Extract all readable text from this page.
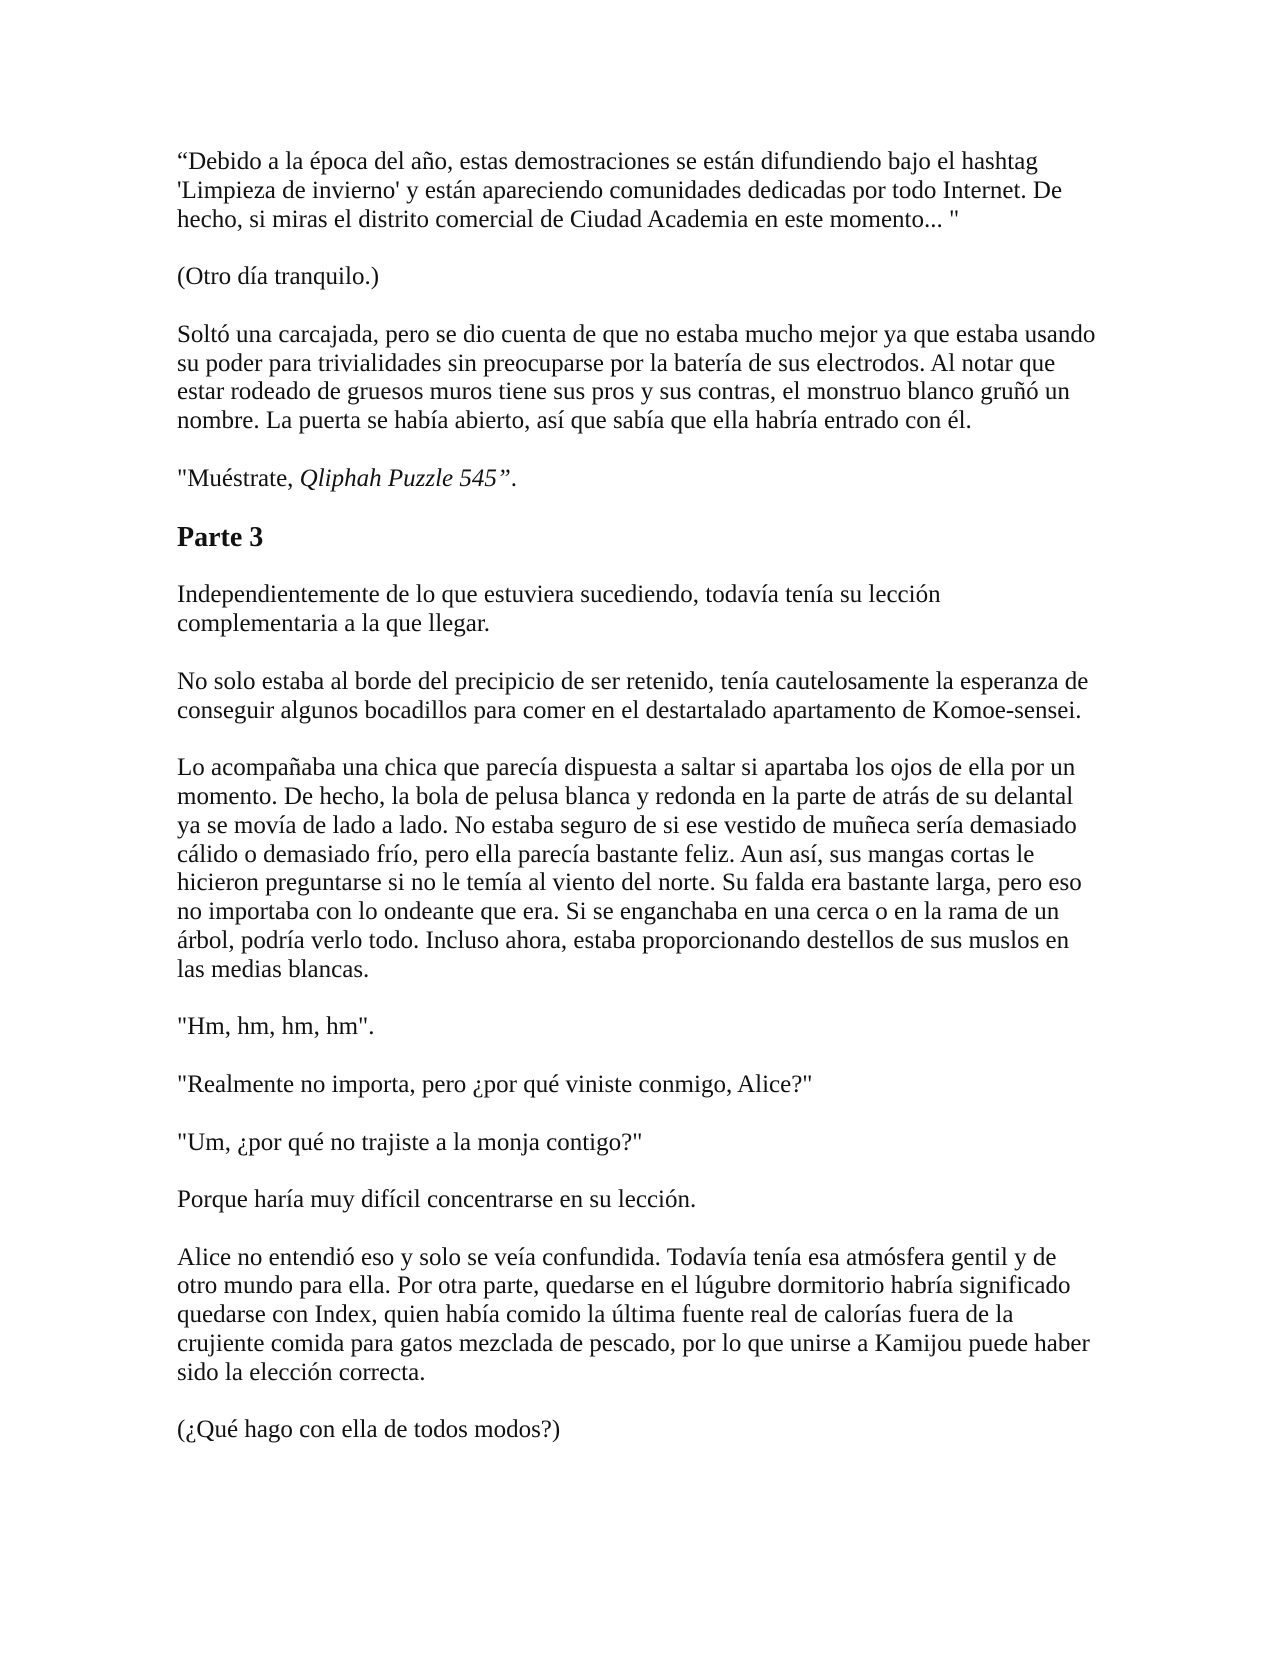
“Debido a la época del año, estas demostraciones se están difundiendo bajo el hashtag
'Limpieza de invierno' y están apareciendo comunidades dedicadas por todo Internet. De
hecho, si miras el distrito comercial de Ciudad Academia en este momento... "

(Otro día tranquilo.)

Soltó una carcajada, pero se dio cuenta de que no estaba mucho mejor ya que estaba usando
su poder para trivialidades sin preocuparse por la batería de sus electrodos. Al notar que
estar rodeado de gruesos muros tiene sus pros y sus contras, el monstruo blanco gruñó un
nombre. La puerta se había abierto, así que sabía que ella habría entrado con él.

"Muéstrate, Qliphah Puzzle 545”.

Parte 3

Independientemente de lo que estuviera sucediendo, todavía tenía su lección
complementaria a la que llegar.

No solo estaba al borde del precipicio de ser retenido, tenía cautelosamente la esperanza de
conseguir algunos bocadillos para comer en el destartalado apartamento de Komoe-sensei.

Lo acompañaba una chica que parecía dispuesta a saltar si apartaba los ojos de ella por un
momento. De hecho, la bola de pelusa blanca y redonda en la parte de atrás de su delantal
ya se movía de lado a lado. No estaba seguro de si ese vestido de muñeca sería demasiado
cálido o demasiado frío, pero ella parecía bastante feliz. Aun así, sus mangas cortas le
hicieron preguntarse si no le temía al viento del norte. Su falda era bastante larga, pero eso
no importaba con lo ondeante que era. Si se enganchaba en una cerca o en la rama de un
árbol, podría verlo todo. Incluso ahora, estaba proporcionando destellos de sus muslos en
las medias blancas.

"Hm, hm, hm, hm".

"Realmente no importa, pero ¿por qué viniste conmigo, Alice?"

"Um, ¿por qué no trajiste a la monja contigo?"

Porque haría muy difícil concentrarse en su lección.

Alice no entendió eso y solo se veía confundida. Todavía tenía esa atmósfera gentil y de
otro mundo para ella. Por otra parte, quedarse en el lúgubre dormitorio habría significado
quedarse con Index, quien había comido la última fuente real de calorías fuera de la
crujiente comida para gatos mezclada de pescado, por lo que unirse a Kamijou puede haber
sido la elección correcta.

(¿Qué hago con ella de todos modos?)
